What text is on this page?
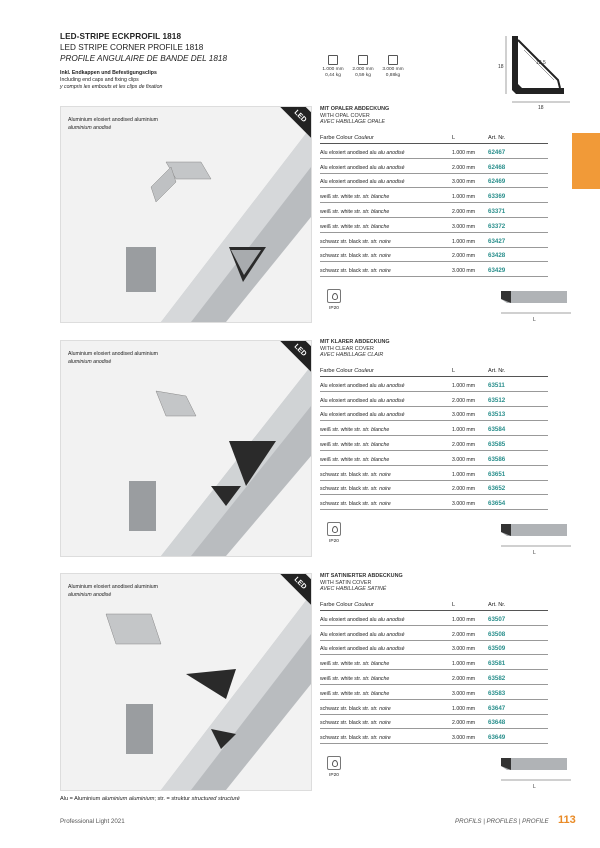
LED-STRIPE ECKPROFIL 1818
LED STRIPE CORNER PROFILE 1818
PROFILE ANGULAIRE DE BANDE DEL 1818
Inkl. Endkappen und Befestigungsclips
Including end caps and fixing clips
y compris les embouts et les clips de fixation
1.000 mm
0,44 kg
2.000 mm
0,59 kg
3.000 mm
0,88kg
18
12,5
18
Aluminium eloxiert anodised aluminium
aluminium anodisé
LED
Aluminium eloxiert anodised aluminium
aluminium anodisé
LED
Aluminium eloxiert anodised aluminium
aluminium anodisé
LED
MIT OPALER ABDECKUNG
WITH OPAL COVER
AVEC HABILLAGE OPALE
Farbe Colour Couleur	L	Art. Nr.
Alu eloxiert anodised alu alu anodisé	1.000 mm 62467
Alu eloxiert anodised alu alu anodisé	2.000 mm 62468
Alu eloxiert anodised alu alu anodisé	3.000 mm 62469
weiß str. white str. str. blanche	1.000 mm 63369
weiß str. white str. str. blanche	2.000 mm 63371
weiß str. white str. str. blanche	3.000 mm 63372
schwarz str. black str. str. noire	1.000 mm 63427
schwarz str. black str. str. noire	2.000 mm 63428
schwarz str. black str. str. noire	3.000 mm 63429
IP20
L
MIT KLARER ABDECKUNG
WITH CLEAR COVER
AVEC HABILLAGE CLAIR
Farbe Colour Couleur	L	Art. Nr.
Alu eloxiert anodised alu alu anodisé	1.000 mm 63511
Alu eloxiert anodised alu alu anodisé	2.000 mm 63512
Alu eloxiert anodised alu alu anodisé	3.000 mm 63513
weiß str. white str. str. blanche	1.000 mm 63584
weiß str. white str. str. blanche	2.000 mm 63585
weiß str. white str. str. blanche	3.000 mm 63586
schwarz str. black str. str. noire	1.000 mm 63651
schwarz str. black str. str. noire	2.000 mm 63652
schwarz str. black str. str. noire	3.000 mm 63654
IP20
L
MIT SATINIERTER ABDECKUNG
WITH SATIN COVER
AVEC HABILLAGE SATINÉ
Farbe Colour Couleur	L	Art. Nr.
Alu eloxiert anodised alu alu anodisé	1.000 mm 63507
Alu eloxiert anodised alu alu anodisé	2.000 mm 63508
Alu eloxiert anodised alu alu anodisé	3.000 mm 63509
weiß str. white str. str. blanche	1.000 mm 63581
weiß str. white str. str. blanche	2.000 mm 63582
weiß str. white str. str. blanche	3.000 mm 63583
schwarz str. black str. str. noire	1.000 mm 63647
schwarz str. black str. str. noire	2.000 mm 63648
schwarz str. black str. str. noire	3.000 mm 63649
IP20
L
Alu = Aluminium aluminium aluminium; str. = struktur structured structuré
Professional Light 2021	PROFILS | PROFILES | PROFILE 113
